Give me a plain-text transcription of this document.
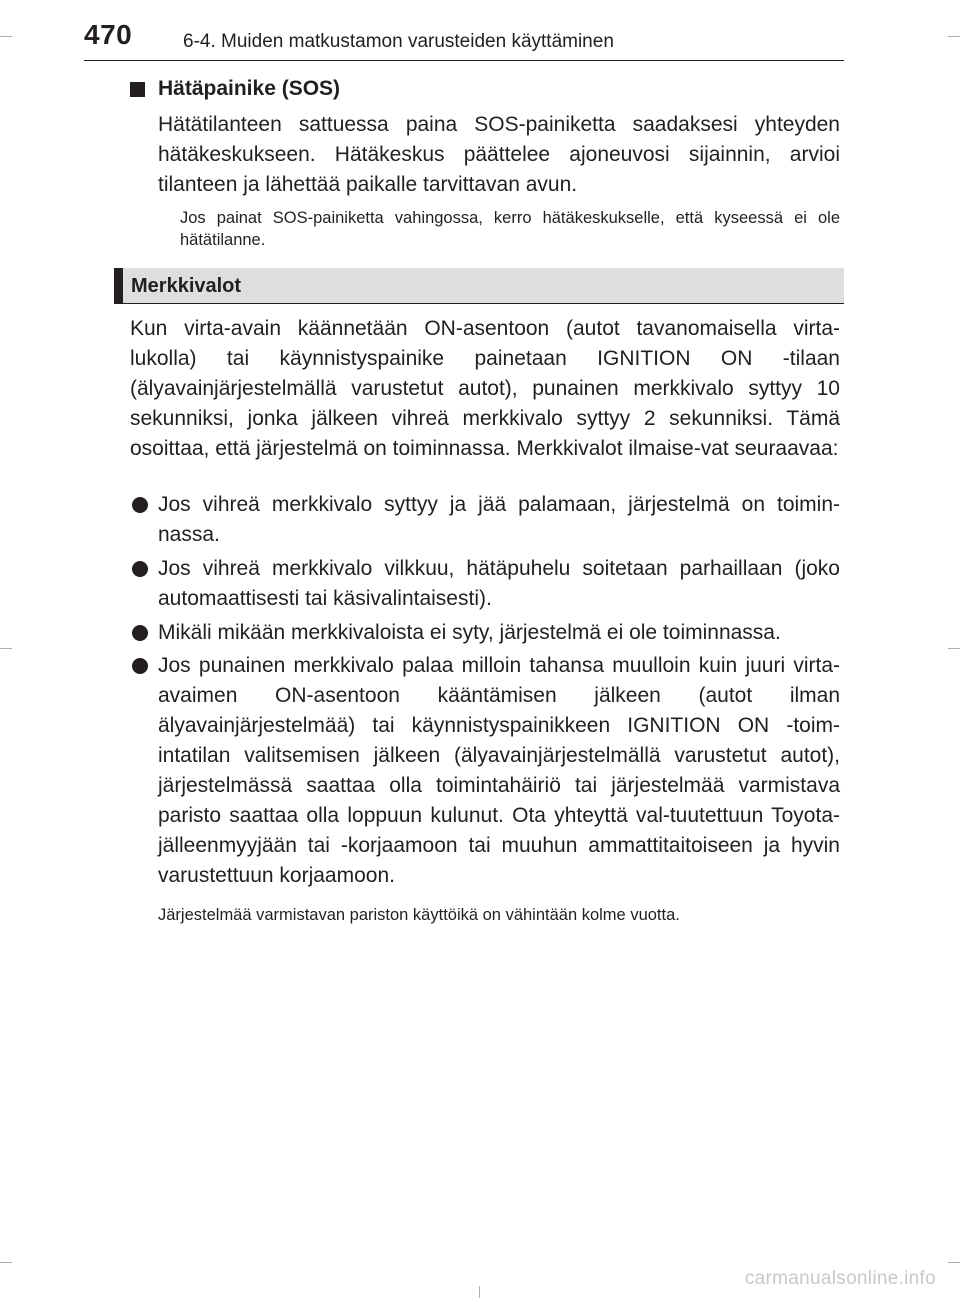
470	6-4. Muiden matkustamon varusteiden käyttäminen
Hätäpainike (SOS)

Hätätilanteen sattuessa paina SOS-painiketta saadaksesi yhteyden hätäkeskukseen. Hätäkeskus päättelee ajoneuvosi sijainnin, arvioi tilanteen ja lähettää paikalle tarvittavan avun.

Jos painat SOS-painiketta vahingossa, kerro hätäkeskukselle, että kyseessä ei ole hätätilanne.

Merkkivalot

Kun virta-avain käännetään ON-asentoon (autot tavanomaisella virta-lukolla) tai käynnistyspainike painetaan IGNITION ON -tilaan (älyavainjärjestelmällä varustetut autot), punainen merkkivalo syttyy 10 sekunniksi, jonka jälkeen vihreä merkkivalo syttyy 2 sekunniksi. Tämä osoittaa, että järjestelmä on toiminnassa. Merkkivalot ilmaise-vat seuraavaa:

Jos vihreä merkkivalo syttyy ja jää palamaan, järjestelmä on toimin-nassa.

Jos vihreä merkkivalo vilkkuu, hätäpuhelu soitetaan parhaillaan (joko automaattisesti tai käsivalintaisesti).

Mikäli mikään merkkivaloista ei syty, järjestelmä ei ole toiminnassa.

Jos punainen merkkivalo palaa milloin tahansa muulloin kuin juuri virta-avaimen ON-asentoon kääntämisen jälkeen (autot ilman älyavainjärjestelmää) tai käynnistyspainikkeen IGNITION ON -toim-intatilan valitsemisen jälkeen (älyavainjärjestelmällä varustetut autot), järjestelmässä saattaa olla toimintahäiriö tai järjestelmää varmistava paristo saattaa olla loppuun kulunut. Ota yhteyttä val-tuutettuun Toyota-jälleenmyyjään tai -korjaamoon tai muuhun ammattitaitoiseen ja hyvin varustettuun korjaamoon.

Järjestelmää varmistavan pariston käyttöikä on vähintään kolme vuotta.

carmanualsonline.info
